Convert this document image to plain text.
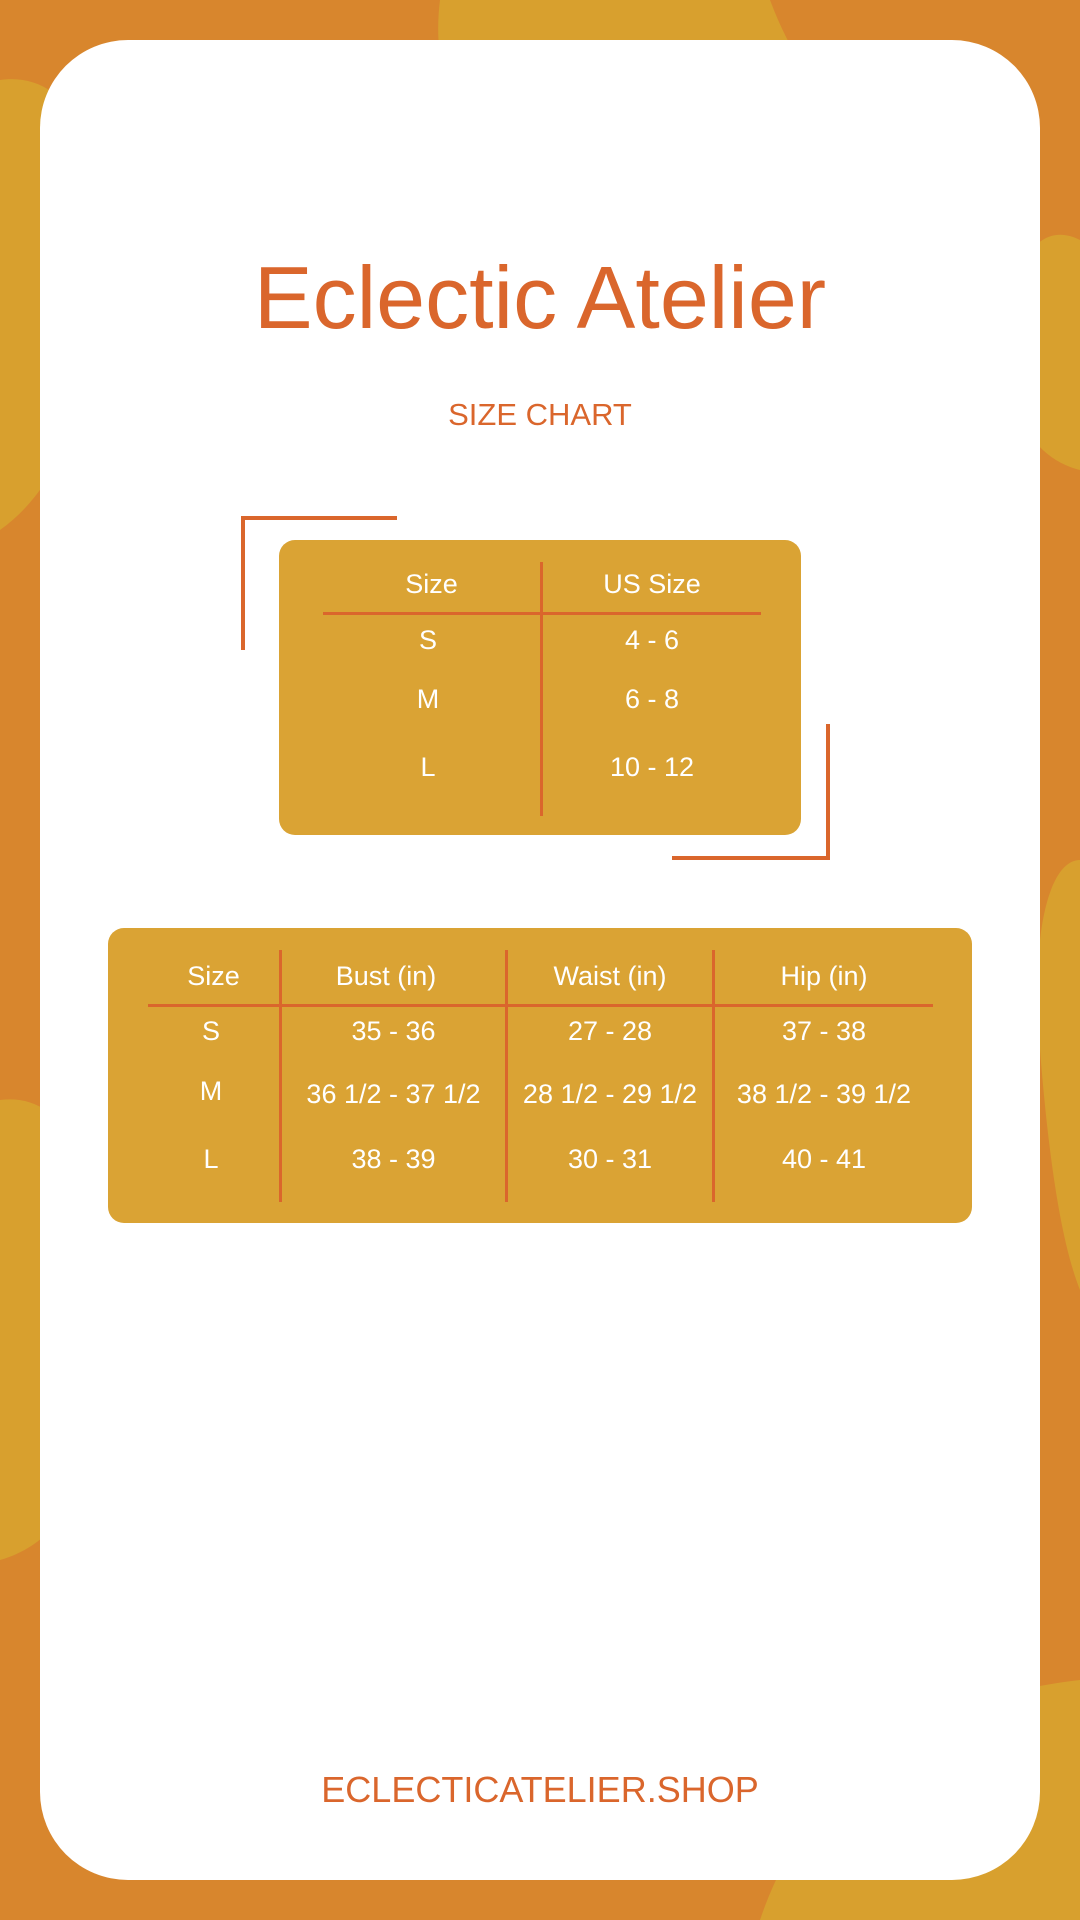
Eclectic Atelier
SIZE CHART
Size	US Size
S	4 - 6
M	6 - 8
L	10 - 12
Size	Bust (in)	Waist (in)	Hip (in)
S	35 - 36	27 - 28	37 - 38
M	36 1/2 - 37 1/2	28 1/2 - 29 1/2	38 1/2 - 39 1/2
L	38 - 39	30 - 31	40 - 41
ECLECTICATELIER.SHOP
